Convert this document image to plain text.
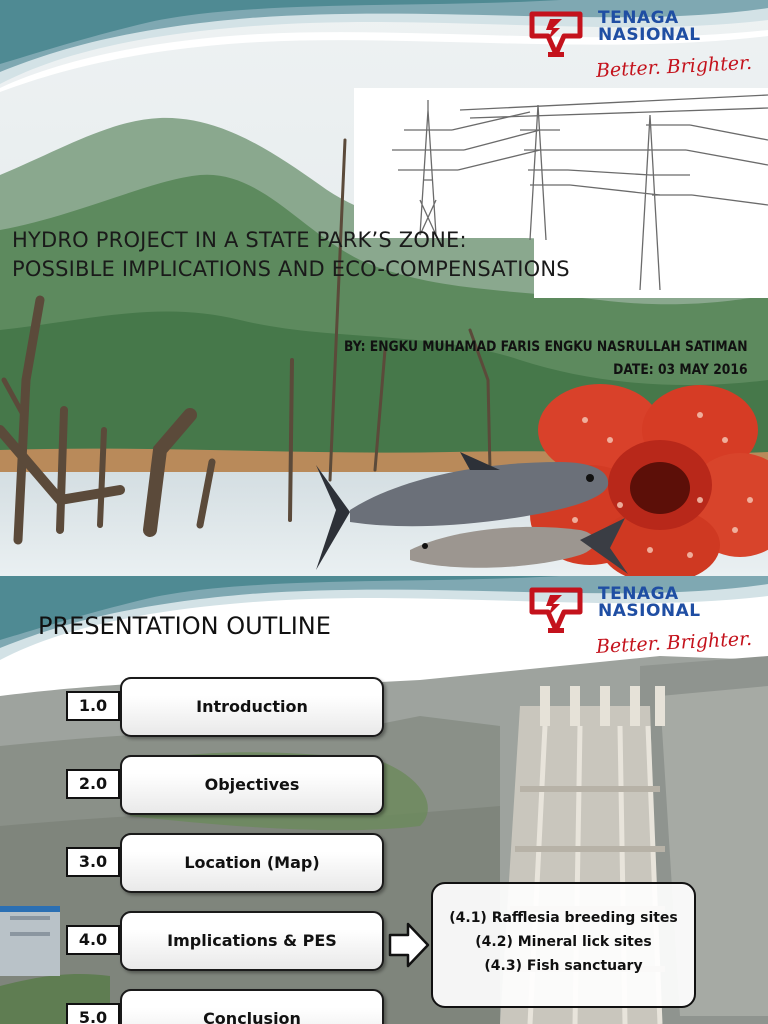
TENAGA
NASIONAL
Better. Brighter.
HYDRO PROJECT IN A STATE PARK’S ZONE:
POSSIBLE IMPLICATIONS AND ECO-COMPENSATIONS
BY: ENGKU MUHAMAD FARIS ENGKU NASRULLAH SATIMAN
DATE: 03 MAY 2016
TENAGA
NASIONAL
Better. Brighter.
PRESENTATION OUTLINE
1.0	Introduction
2.0	Objectives
3.0	Location (Map)
4.0	Implications & PES
5.0	Conclusion
(4.1) Rafflesia breeding sites
(4.2) Mineral lick sites
(4.3) Fish sanctuary
